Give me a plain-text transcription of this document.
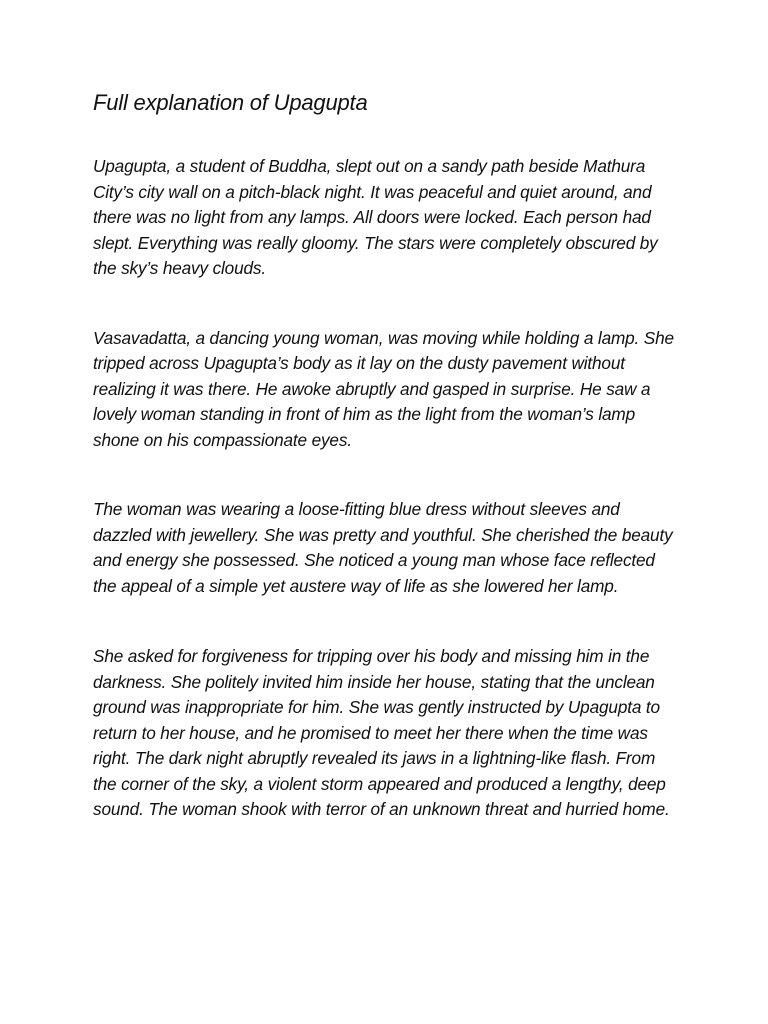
Full explanation of Upagupta

Upagupta, a student of Buddha, slept out on a sandy path beside Mathura City’s city wall on a pitch-black night. It was peaceful and quiet around, and there was no light from any lamps. All doors were locked. Each person had slept. Everything was really gloomy. The stars were completely obscured by the sky’s heavy clouds.

Vasavadatta, a dancing young woman, was moving while holding a lamp. She tripped across Upagupta’s body as it lay on the dusty pavement without realizing it was there. He awoke abruptly and gasped in surprise. He saw a lovely woman standing in front of him as the light from the woman’s lamp shone on his compassionate eyes.

The woman was wearing a loose-fitting blue dress without sleeves and dazzled with jewellery. She was pretty and youthful. She cherished the beauty and energy she possessed. She noticed a young man whose face reflected the appeal of a simple yet austere way of life as she lowered her lamp.

She asked for forgiveness for tripping over his body and missing him in the darkness. She politely invited him inside her house, stating that the unclean ground was inappropriate for him. She was gently instructed by Upagupta to return to her house, and he promised to meet her there when the time was right. The dark night abruptly revealed its jaws in a lightning-like flash. From the corner of the sky, a violent storm appeared and produced a lengthy, deep sound. The woman shook with terror of an unknown threat and hurried home.
